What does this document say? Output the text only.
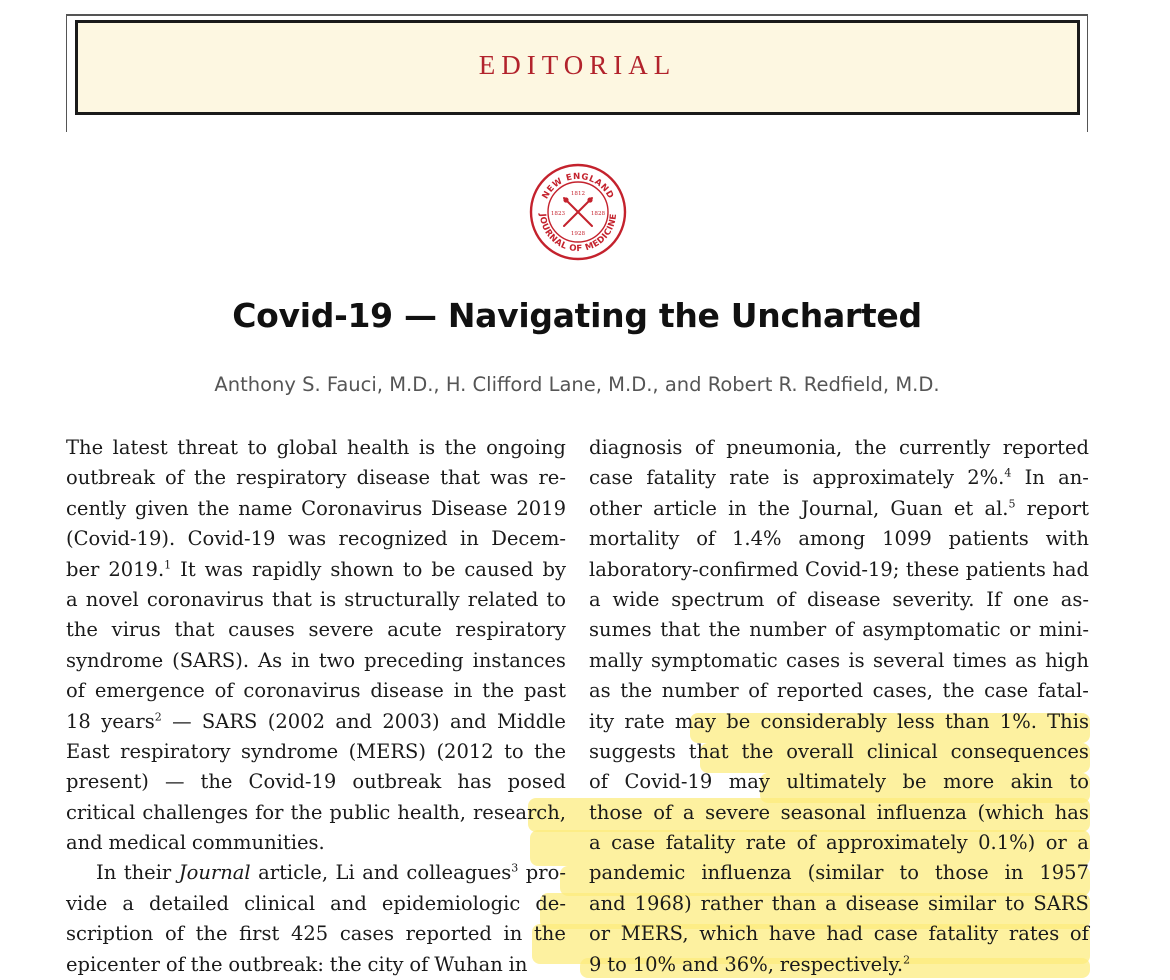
EDITORIAL
NEW ENGLAND
JOURNAL OF MEDICINE
1812
1823	1828
1928
Covid-19 — Navigating the Uncharted
Anthony S. Fauci, M.D., H. Clifford Lane, M.D., and Robert R. Redfield, M.D.
The latest threat to global health is the ongoing
outbreak of the respiratory disease that was re-
cently given the name Coronavirus Disease 2019
(Covid-19). Covid-19 was recognized in Decem-
ber 2019.$^1$ It was rapidly shown to be caused by
a novel coronavirus that is structurally related to
the virus that causes severe acute respiratory
syndrome (SARS). As in two preceding instances
of emergence of coronavirus disease in the past
18 years$^2$ — SARS (2002 and 2003) and Middle
East respiratory syndrome (MERS) (2012 to the
present) — the Covid-19 outbreak has posed
critical challenges for the public health, research,
and medical communities.
In their Journal article, Li and colleagues$^3$ pro-
vide a detailed clinical and epidemiologic de-
scription of the first 425 cases reported in the
epicenter of the outbreak: the city of Wuhan in
diagnosis of pneumonia, the currently reported
case fatality rate is approximately 2%.$^4$ In an-
other article in the Journal, Guan et al.$^5$ report
mortality of 1.4% among 1099 patients with
laboratory-confirmed Covid-19; these patients had
a wide spectrum of disease severity. If one as-
sumes that the number of asymptomatic or mini-
mally symptomatic cases is several times as high
as the number of reported cases, the case fatal-
ity rate may be considerably less than 1%. This
suggests that the overall clinical consequences
of Covid-19 may ultimately be more akin to
those of a severe seasonal influenza (which has
a case fatality rate of approximately 0.1%) or a
pandemic influenza (similar to those in 1957
and 1968) rather than a disease similar to SARS
or MERS, which have had case fatality rates of
9 to 10% and 36%, respectively.$^2$
